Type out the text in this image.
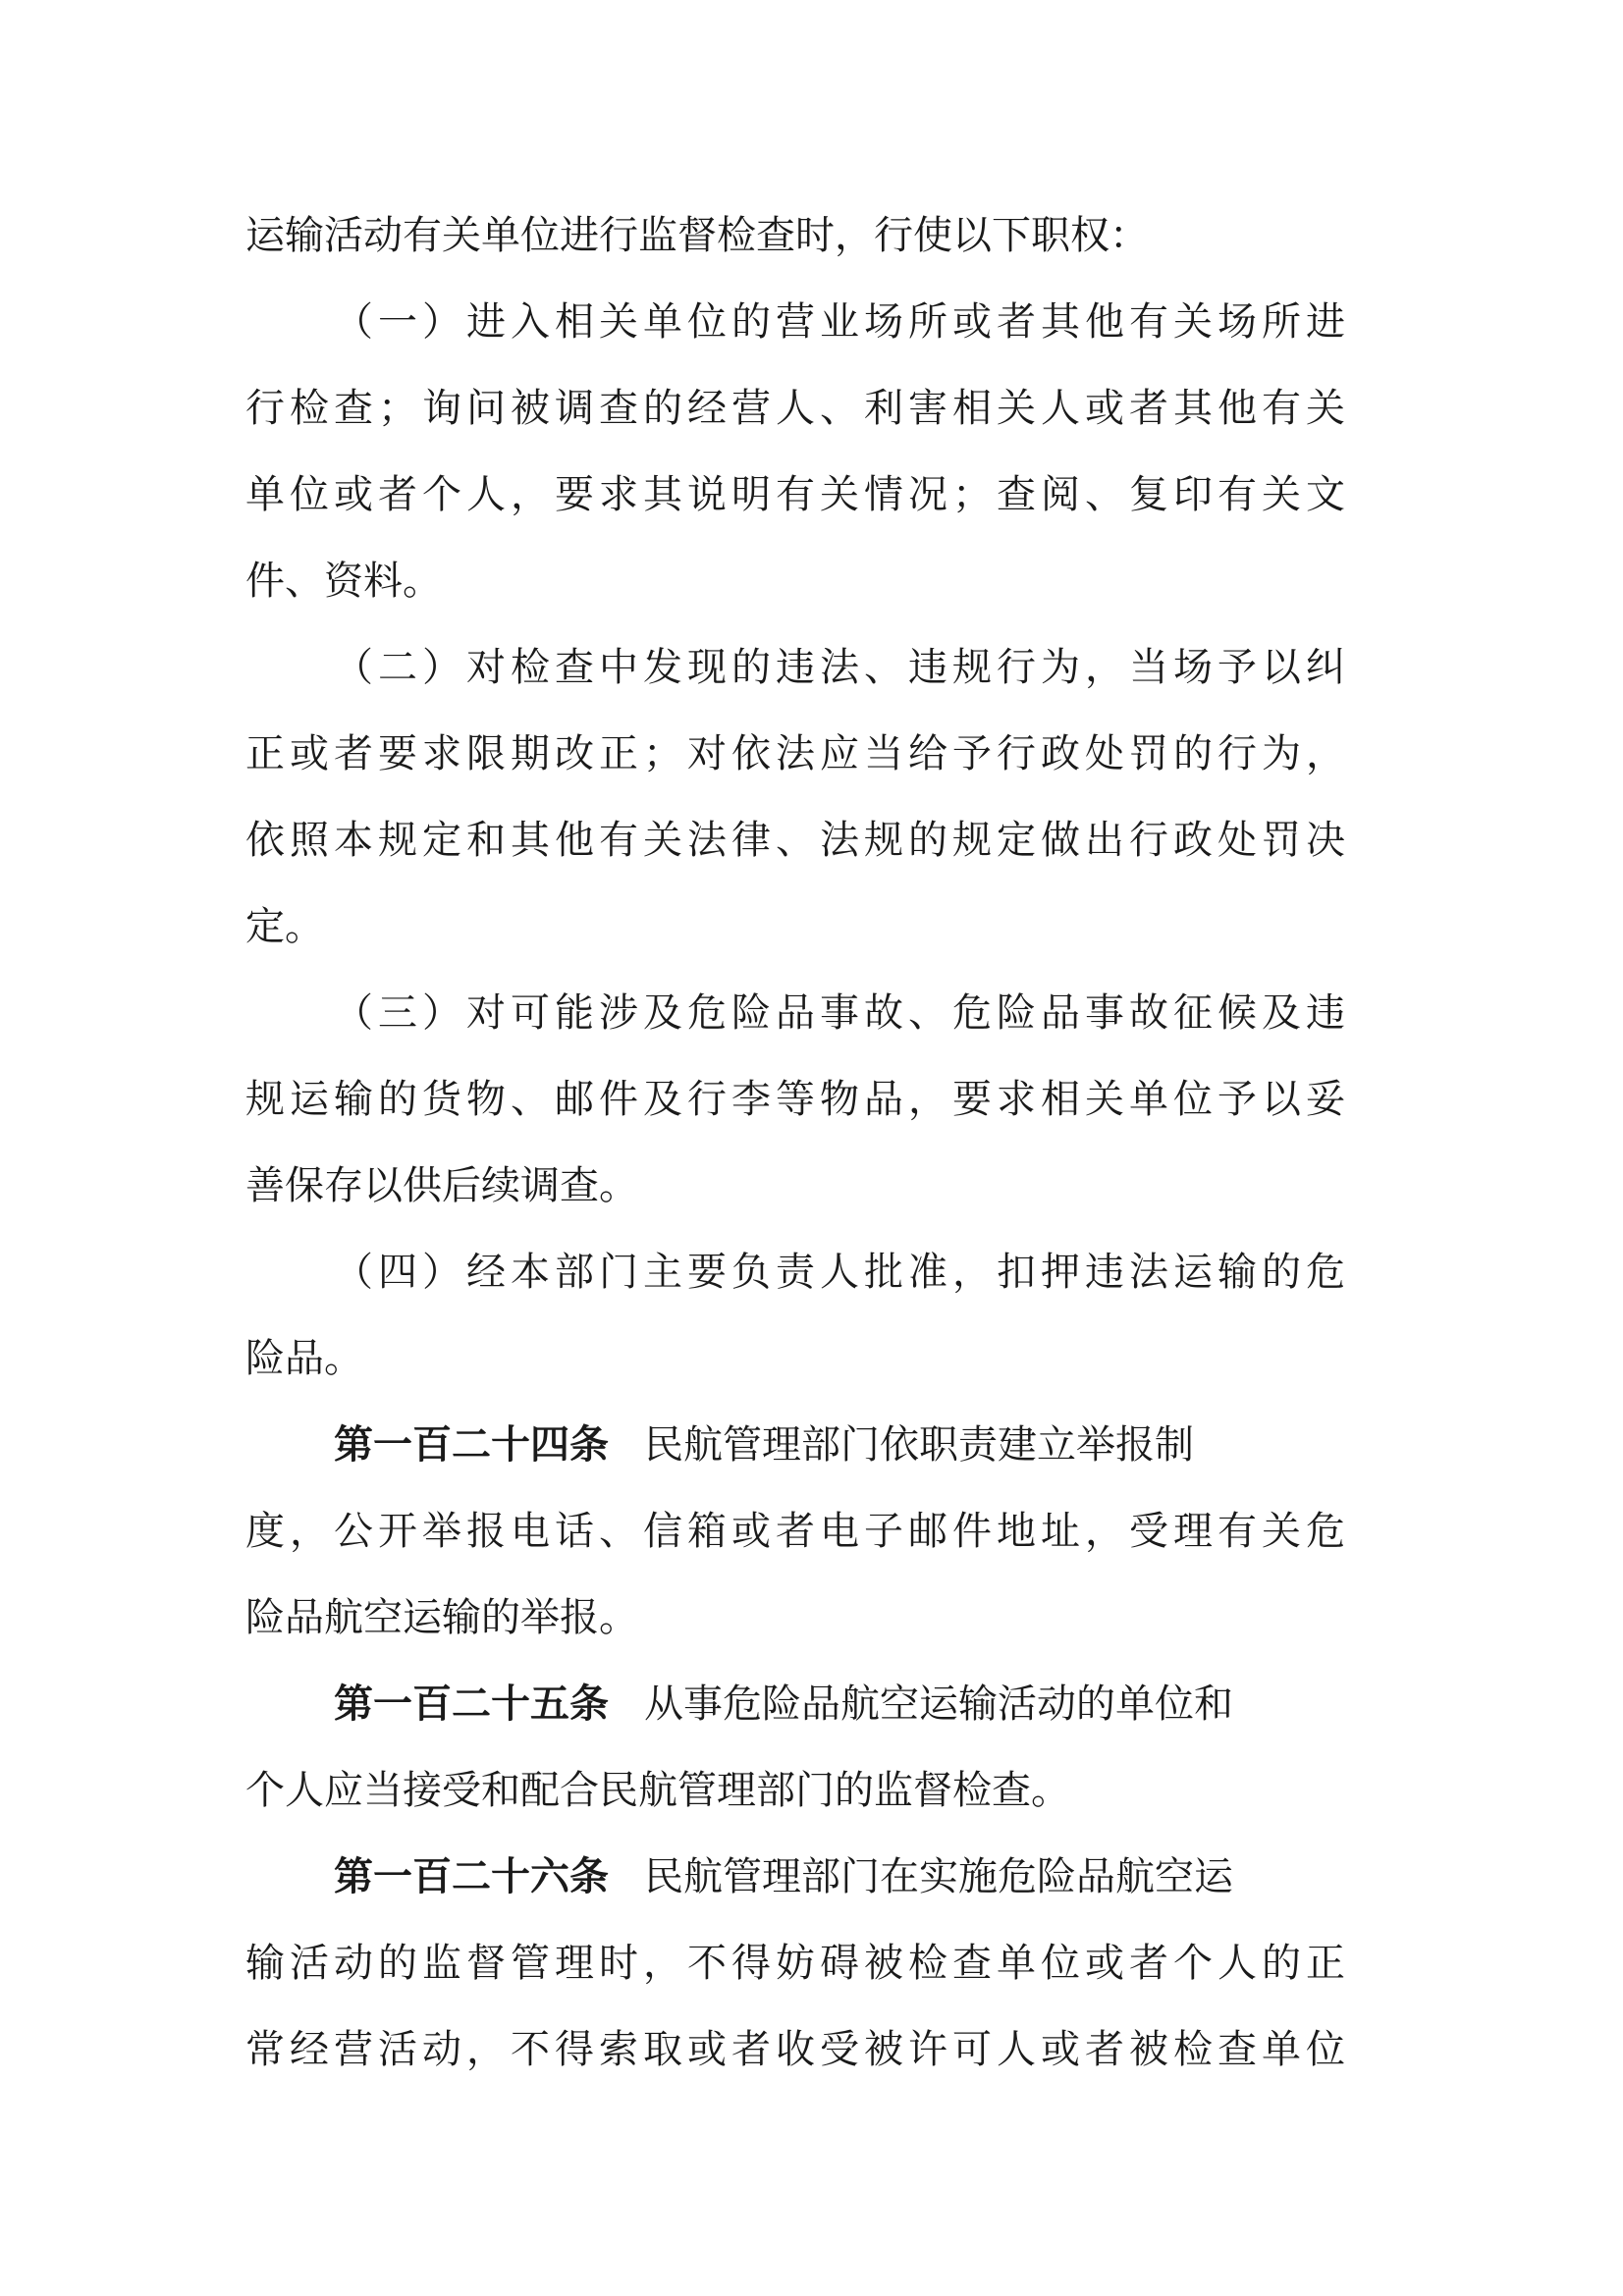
运输活动有关单位进行监督检查时，行使以下职权：
（一）进入相关单位的营业场所或者其他有关场所进
行检查；询问被调查的经营人、利害相关人或者其他有关
单位或者个人，要求其说明有关情况；查阅、复印有关文
件、资料。
（二）对检查中发现的违法、违规行为，当场予以纠
正或者要求限期改正；对依法应当给予行政处罚的行为，
依照本规定和其他有关法律、法规的规定做出行政处罚决
定。
（三）对可能涉及危险品事故、危险品事故征候及违
规运输的货物、邮件及行李等物品，要求相关单位予以妥
善保存以供后续调查。
（四）经本部门主要负责人批准，扣押违法运输的危
险品。
第一百二十四条 民航管理部门依职责建立举报制
度，公开举报电话、信箱或者电子邮件地址，受理有关危
险品航空运输的举报。
第一百二十五条 从事危险品航空运输活动的单位和
个人应当接受和配合民航管理部门的监督检查。
第一百二十六条 民航管理部门在实施危险品航空运
输活动的监督管理时，不得妨碍被检查单位或者个人的正
常经营活动，不得索取或者收受被许可人或者被检查单位
